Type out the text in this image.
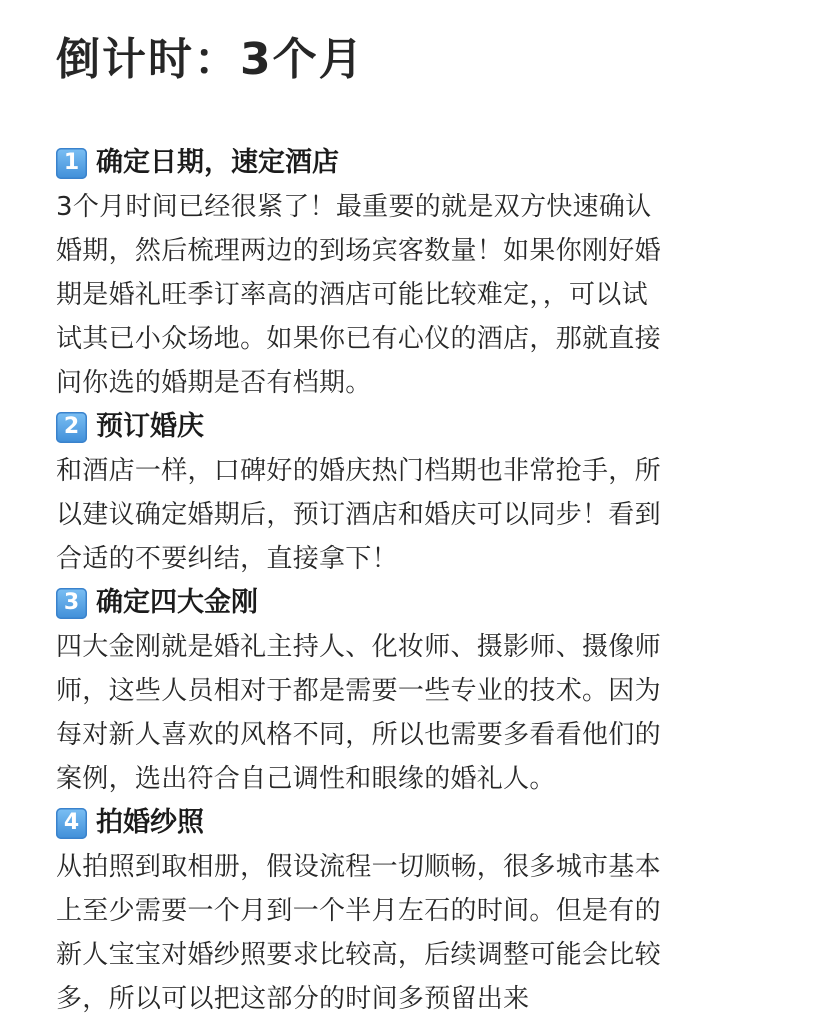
倒计时：3个月
1 确定日期，速定酒店

3个月时间已经很紧了！最重要的就是双方快速确认
婚期，然后梳理两边的到场宾客数量！如果你刚好婚
期是婚礼旺季订率高的酒店可能比较难定，，可以试
试其已小众场地。如果你已有心仪的酒店，那就直接
问你选的婚期是否有档期。

2 预订婚庆

和酒店一样，口碑好的婚庆热门档期也非常抢手，所
以建议确定婚期后，预订酒店和婚庆可以同步！看到
合适的不要纠结，直接拿下！

3 确定四大金刚

四大金刚就是婚礼主持人、化妆师、摄影师、摄像师
师，这些人员相对于都是需要一些专业的技术。因为
每对新人喜欢的风格不同，所以也需要多看看他们的
案例，选出符合自己调性和眼缘的婚礼人。

4 拍婚纱照

从拍照到取相册，假设流程一切顺畅，很多城市基本
上至少需要一个月到一个半月左石的时间。但是有的
新人宝宝对婚纱照要求比较高，后续调整可能会比较
多，所以可以把这部分的时间多预留出来
